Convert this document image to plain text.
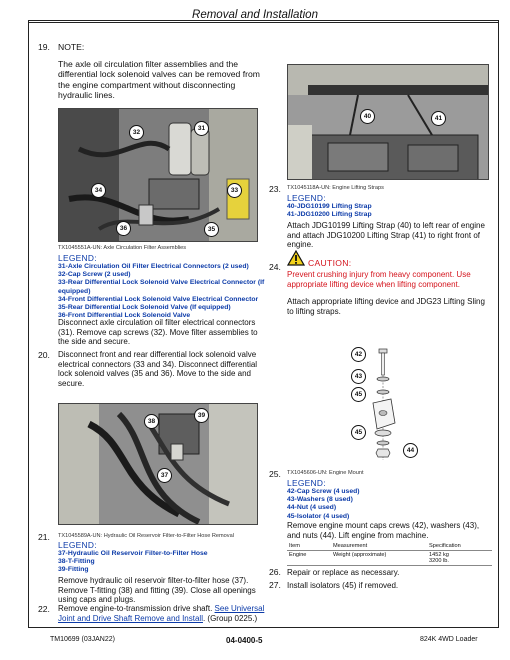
Removal and Installation
19. NOTE:
The axle oil circulation filter assemblies and the differential lock solenoid valves can be removed from the engine compartment without disconnecting hydraulic lines.
32
31
34	33
36	35
TX1045551A-UN: Axle Circulation Filter Assemblies
LEGEND:
31-Axle Circulation Oil Filter Electrical Connectors (2 used)
32-Cap Screw (2 used)
33-Rear Differential Lock Solenoid Valve Electrical Connector (If equipped)
34-Front Differential Lock Solenoid Valve Electrical Connector
35-Rear Differential Lock Solenoid Valve (If equipped)
36-Front Differential Lock Solenoid Valve
Disconnect axle circulation oil filter electrical connectors (31). Remove cap screws (32). Move filter assemblies to the side and secure.
20. Disconnect front and rear differential lock solenoid valve electrical connectors (33 and 34). Disconnect differential lock solenoid valves (35 and 36). Move to the side and secure.
38
39
37
21. TX1045589A-UN: Hydraulic Oil Reservoir Filter-to-Filter Hose Removal
LEGEND:
37-Hydraulic Oil Reservoir Filter-to-Filter Hose
38-T-Fitting
39-Fitting
Remove hydraulic oil reservoir filter-to-filter hose (37). Remove T-fitting (38) and fitting (39). Close all openings using caps and plugs.
22. Remove engine-to-transmission drive shaft. See Universal Joint and Drive Shaft Remove and Install. (Group 0225.)
40	41
23. TX1045118A-UN: Engine Lifting Straps
LEGEND:
40-JDG10199 Lifting Strap
41-JDG10200 Lifting Strap
Attach JDG10199 Lifting Strap (40) to left rear of engine and attach JDG10200 Lifting Strap (41) to right front of engine.
24.	CAUTION:
Prevent crushing injury from heavy component. Use appropriate lifting device when lifting component.
Attach appropriate lifting device and JDG23 Lifting Sling to lifting straps.
42
43
45
45
44
25. TX1045606-UN: Engine Mount
LEGEND:
42-Cap Screw (4 used)
43-Washers (8 used)
44-Nut (4 used)
45-Isolator (4 used)
Remove engine mount caps crews (42), washers (43), and nuts (44). Lift engine from machine.
Item	Measurement	Specification
Engine	Weight (approximate)	1452 kg
3200 lb.
26. Repair or replace as necessary.
27. Install isolators (45) if removed.
TM10699 (03JAN22)	04-0400-5	824K 4WD Loader
